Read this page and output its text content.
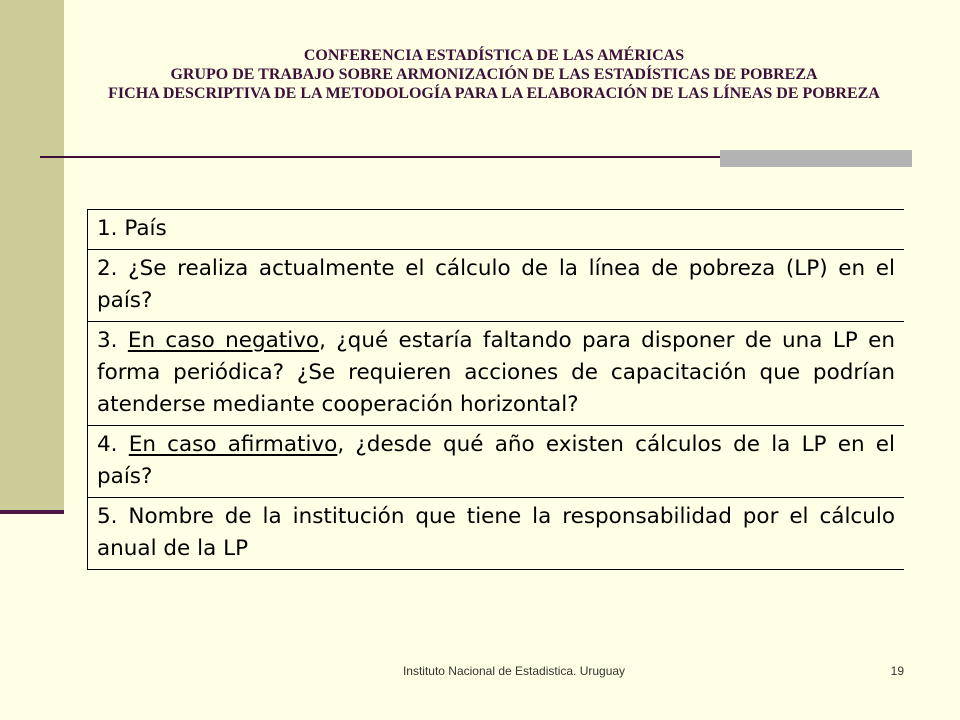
CONFERENCIA ESTADÍSTICA DE LAS AMÉRICAS
GRUPO DE TRABAJO SOBRE ARMONIZACIÓN DE LAS ESTADÍSTICAS DE POBREZA
FICHA DESCRIPTIVA DE LA METODOLOGÍA PARA LA ELABORACIÓN DE LAS LÍNEAS DE POBREZA
1. País
2. ¿Se realiza actualmente el cálculo de la línea de pobreza (LP) en el país?
3. En caso negativo, ¿qué estaría faltando para disponer de una LP en forma periódica? ¿Se requieren acciones de capacitación que podrían atenderse mediante cooperación horizontal?
4. En caso afirmativo, ¿desde qué año existen cálculos de la LP en el país?
5. Nombre de la institución que tiene la responsabilidad por el cálculo anual de la LP
Instituto Nacional de Estadistica. Uruguay	19
